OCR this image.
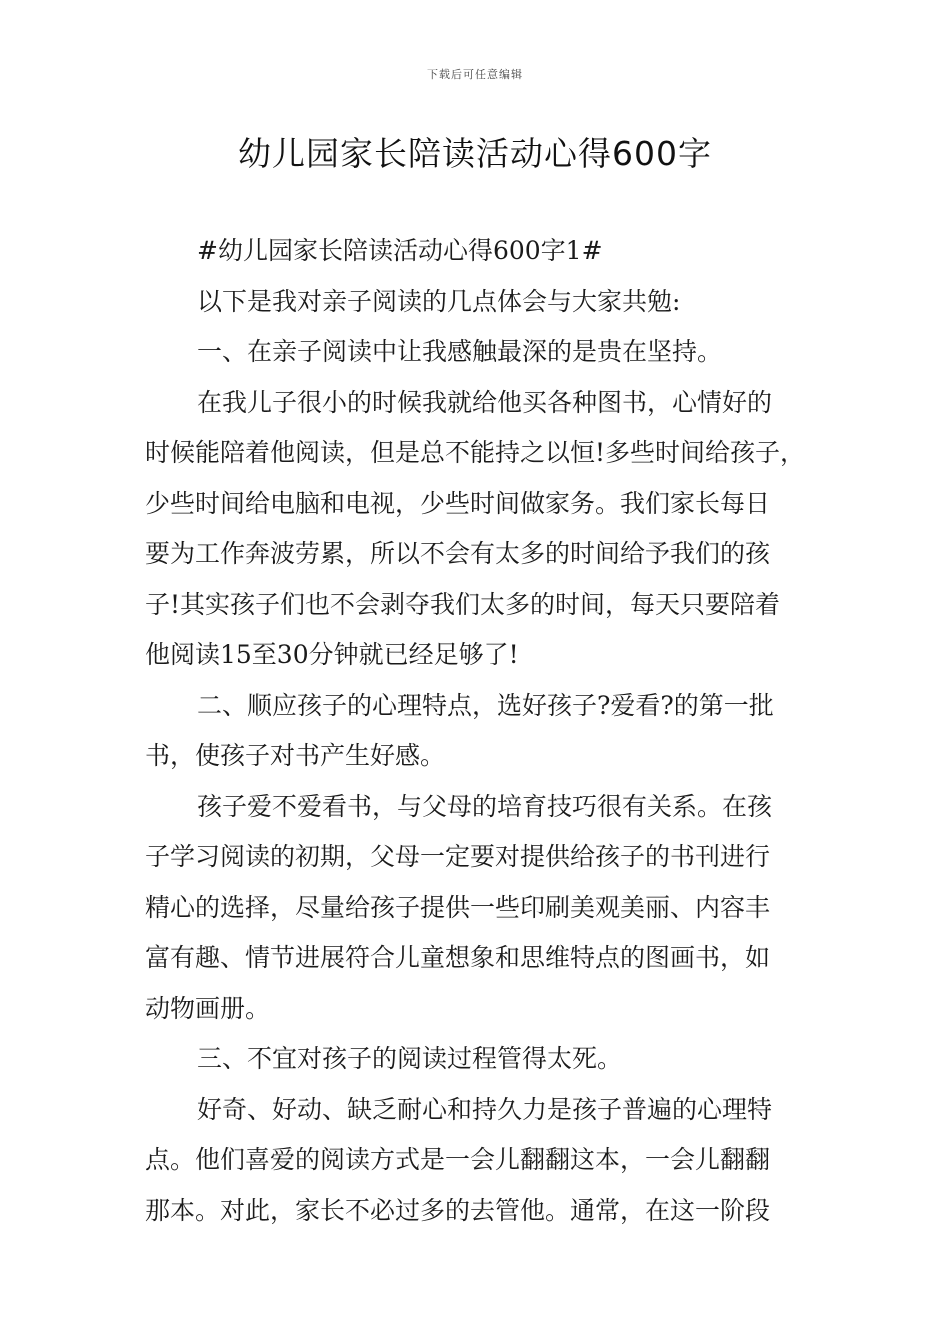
下载后可任意编辑
幼儿园家长陪读活动心得600字
#幼儿园家长陪读活动心得600字1#
以下是我对亲子阅读的几点体会与大家共勉:
一、在亲子阅读中让我感触最深的是贵在坚持。
在我儿子很小的时候我就给他买各种图书，心情好的
时候能陪着他阅读，但是总不能持之以恒!多些时间给孩子，
少些时间给电脑和电视，少些时间做家务。我们家长每日
要为工作奔波劳累，所以不会有太多的时间给予我们的孩
子!其实孩子们也不会剥夺我们太多的时间，每天只要陪着
他阅读15至30分钟就已经足够了!
二、顺应孩子的心理特点，选好孩子?爱看?的第一批
书，使孩子对书产生好感。
孩子爱不爱看书，与父母的培育技巧很有关系。在孩
子学习阅读的初期，父母一定要对提供给孩子的书刊进行
精心的选择，尽量给孩子提供一些印刷美观美丽、内容丰
富有趣、情节进展符合儿童想象和思维特点的图画书，如
动物画册。
三、不宜对孩子的阅读过程管得太死。
好奇、好动、缺乏耐心和持久力是孩子普遍的心理特
点。他们喜爱的阅读方式是一会儿翻翻这本，一会儿翻翻
那本。对此，家长不必过多的去管他。通常，在这一阶段
